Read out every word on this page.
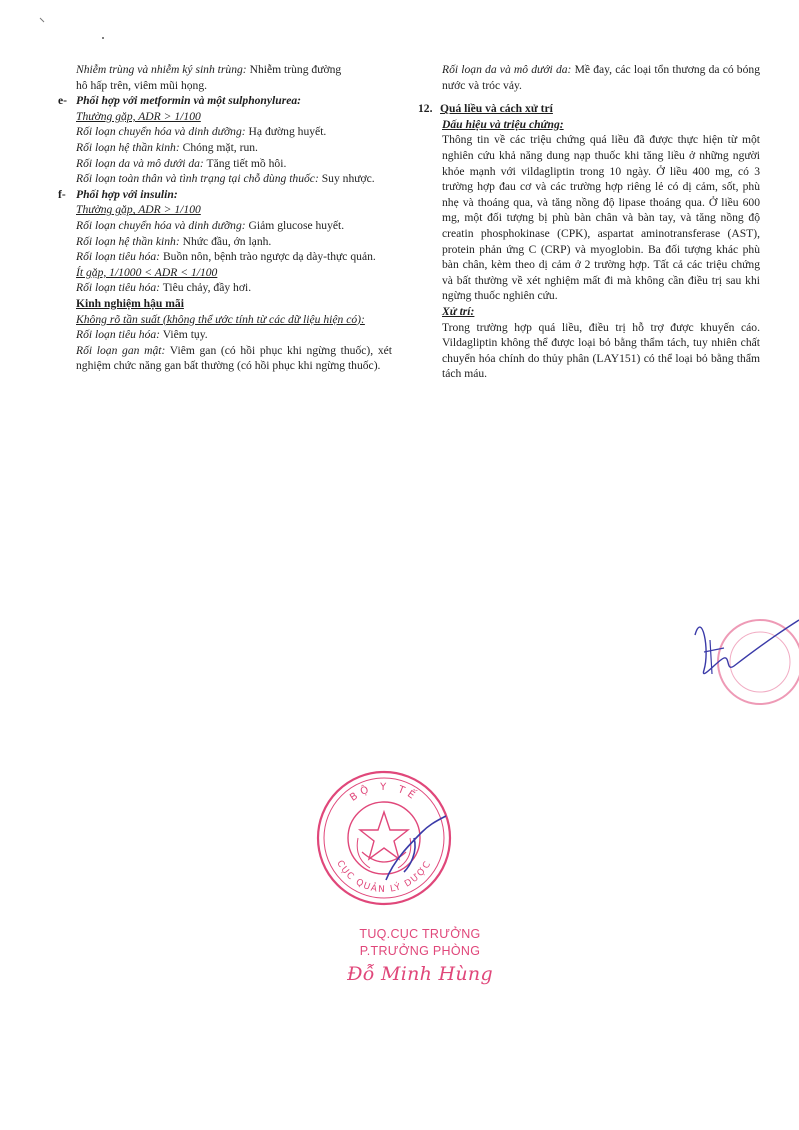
Nhiễm trùng và nhiễm ký sinh trùng: Nhiễm trùng đường
hô hấp trên, viêm mũi họng.
e- Phối hợp với metformin và một sulphonylurea:
Thường gặp, ADR > 1/100
Rối loạn chuyển hóa và dinh dưỡng: Hạ đường huyết.
Rối loạn hệ thần kinh: Chóng mặt, run.
Rối loạn da và mô dưới da: Tăng tiết mồ hôi.
Rối loạn toàn thân và tình trạng tại chỗ dùng thuốc: Suy nhược.
f- Phối hợp với insulin:
Thường gặp, ADR > 1/100
Rối loạn chuyển hóa và dinh dưỡng: Giảm glucose huyết.
Rối loạn hệ thần kinh: Nhức đầu, ớn lạnh.
Rối loạn tiêu hóa: Buồn nôn, bệnh trào ngược dạ dày-thực quản.
Ít gặp, 1/1000 < ADR < 1/100
Rối loạn tiêu hóa: Tiêu chảy, đầy hơi.
Kinh nghiệm hậu mãi
Không rõ tần suất (không thể ước tính từ các dữ liệu hiện có):
Rối loạn tiêu hóa: Viêm tụy.
Rối loạn gan mật: Viêm gan (có hồi phục khi ngừng thuốc), xét nghiệm chức năng gan bất thường (có hồi phục khi ngừng thuốc).
Rối loạn da và mô dưới da: Mề đay, các loại tổn thương da có bóng nước và tróc vảy.
12. Quá liều và cách xử trí
Dấu hiệu và triệu chứng:
Thông tin về các triệu chứng quá liều đã được thực hiện từ một nghiên cứu khả năng dung nạp thuốc khi tăng liều ở những người khỏe mạnh với vildagliptin trong 10 ngày. Ở liều 400 mg, có 3 trường hợp đau cơ và các trường hợp riêng lẻ có dị cảm, sốt, phù nhẹ và thoáng qua, và tăng nồng độ lipase thoáng qua. Ở liều 600 mg, một đối tượng bị phù bàn chân và bàn tay, và tăng nồng độ creatin phosphokinase (CPK), aspartat aminotransferase (AST), protein phản ứng C (CRP) và myoglobin. Ba đối tượng khác phù bàn chân, kèm theo dị cảm ở 2 trường hợp. Tất cả các triệu chứng và bất thường về xét nghiệm mất đi mà không cần điều trị sau khi ngừng thuốc nghiên cứu.
Xử trí:
Trong trường hợp quá liều, điều trị hỗ trợ được khuyến cáo. Vildagliptin không thể được loại bỏ bằng thẩm tách, tuy nhiên chất chuyển hóa chính do thủy phân (LAY151) có thể loại bỏ bằng thẩm tách máu.
BỘ Y TẾ
CỤC QUẢN LÝ DƯỢC
TUQ.CỤC TRƯỞNG
P.TRƯỞNG PHÒNG
Đỗ Minh Hùng
